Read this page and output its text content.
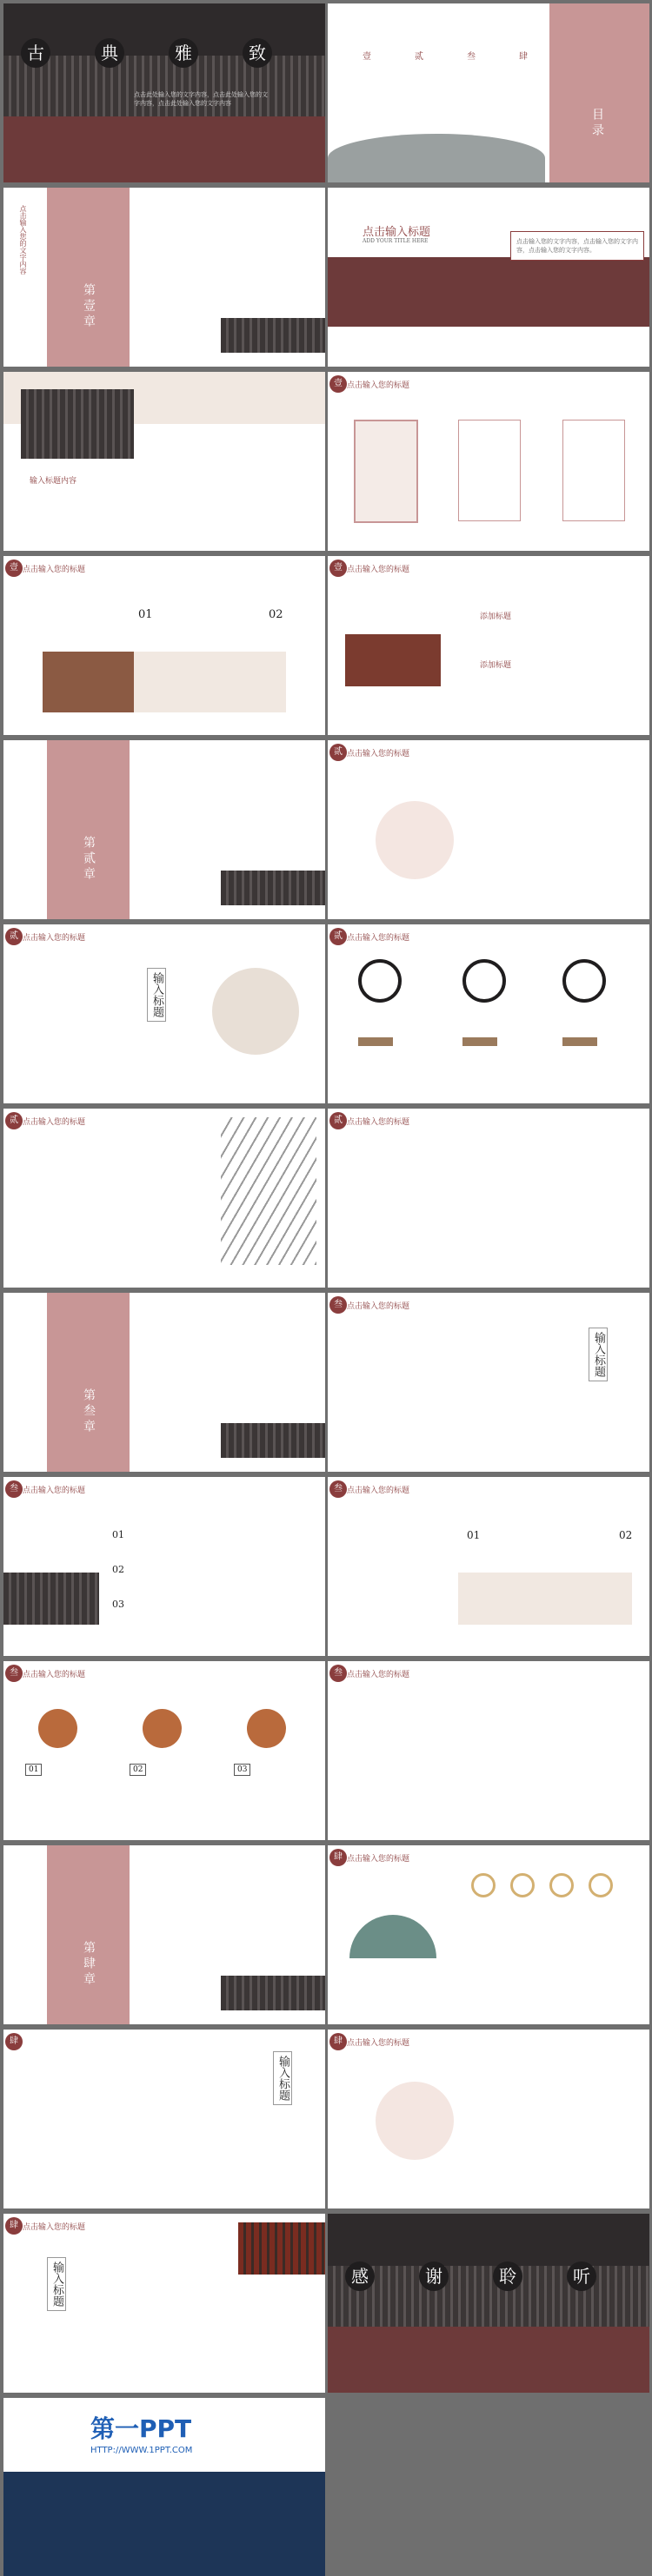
古	典	雅	致
点击此处输入您的文字内容，点击此处输入您的文字内容，点击此处输入您的文字内容
壹	贰	叁	肆
目录
第壹章
点击输入您的文字内容	点击输入标题
ADD YOUR TITLE HERE	点击输入您的文字内容，点击输入您的文字内容，点击输入您的文字内容。
输入标题内容
壹 点击输入您的标题
壹 点击输入您的标题
01	02
壹 点击输入您的标题
添加标题
添加标题
第贰章
贰 点击输入您的标题
贰 点击输入您的标题
输入标题
贰 点击输入您的标题
贰 点击输入您的标题	贰 点击输入您的标题
第叁章
叁 点击输入您的标题
输入标题
叁 点击输入您的标题
01
02
03
叁 点击输入您的标题
01	02
叁 点击输入您的标题
01	02	03
叁 点击输入您的标题
第肆章
肆 点击输入您的标题
肆
输入标题
肆 点击输入您的标题
肆 点击输入您的标题
输入标题	感	谢	聆	听
第一PPT
HTTP://WWW.1PPT.COM
